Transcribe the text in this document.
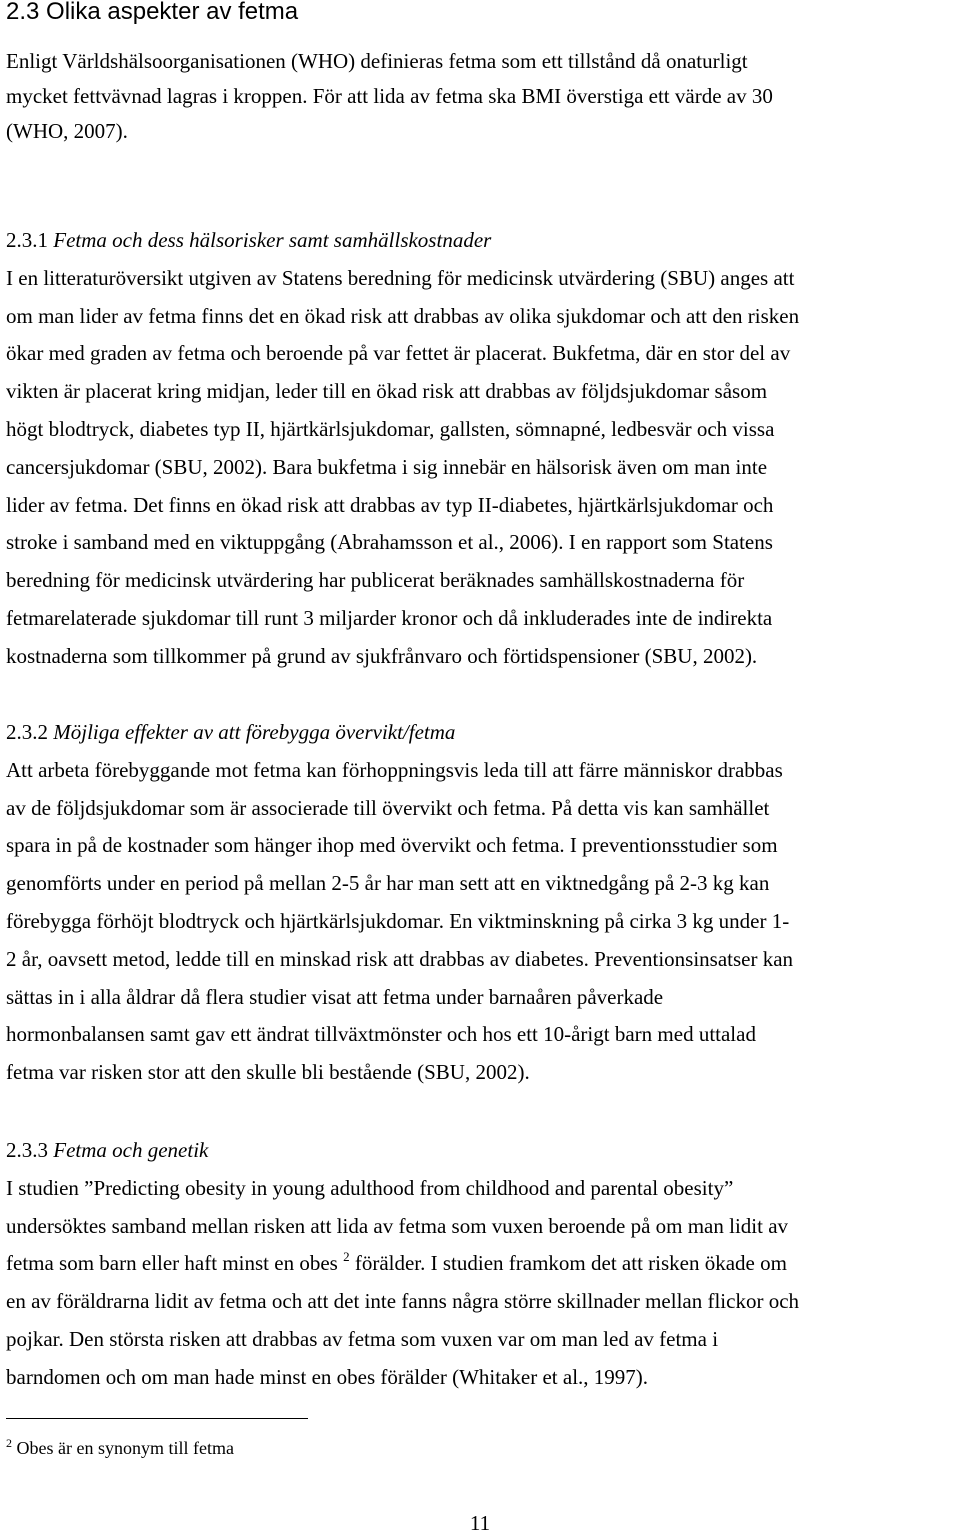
2.3 Olika aspekter av fetma
Enligt Världshälsoorganisationen (WHO) definieras fetma som ett tillstånd då onaturligt
mycket fettvävnad lagras i kroppen. För att lida av fetma ska BMI överstiga ett värde av 30
(WHO, 2007).
2.3.1 Fetma och dess hälsorisker samt samhällskostnader
I en litteraturöversikt utgiven av Statens beredning för medicinsk utvärdering (SBU) anges att
om man lider av fetma finns det en ökad risk att drabbas av olika sjukdomar och att den risken
ökar med graden av fetma och beroende på var fettet är placerat. Bukfetma, där en stor del av
vikten är placerat kring midjan, leder till en ökad risk att drabbas av följdsjukdomar såsom
högt blodtryck, diabetes typ II, hjärtkärlsjukdomar, gallsten, sömnapné, ledbesvär och vissa
cancersjukdomar (SBU, 2002). Bara bukfetma i sig innebär en hälsorisk även om man inte
lider av fetma. Det finns en ökad risk att drabbas av typ II-diabetes, hjärtkärlsjukdomar och
stroke i samband med en viktuppgång (Abrahamsson et al., 2006). I en rapport som Statens
beredning för medicinsk utvärdering har publicerat beräknades samhällskostnaderna för
fetmarelaterade sjukdomar till runt 3 miljarder kronor och då inkluderades inte de indirekta
kostnaderna som tillkommer på grund av sjukfrånvaro och förtidspensioner (SBU, 2002).
2.3.2 Möjliga effekter av att förebygga övervikt/fetma
Att arbeta förebyggande mot fetma kan förhoppningsvis leda till att färre människor drabbas
av de följdsjukdomar som är associerade till övervikt och fetma. På detta vis kan samhället
spara in på de kostnader som hänger ihop med övervikt och fetma. I preventionsstudier som
genomförts under en period på mellan 2-5 år har man sett att en viktnedgång på 2-3 kg kan
förebygga förhöjt blodtryck och hjärtkärlsjukdomar. En viktminskning på cirka 3 kg under 1-
2 år, oavsett metod, ledde till en minskad risk att drabbas av diabetes. Preventionsinsatser kan
sättas in i alla åldrar då flera studier visat att fetma under barnaåren påverkade
hormonbalansen samt gav ett ändrat tillväxtmönster och hos ett 10-årigt barn med uttalad
fetma var risken stor att den skulle bli bestående (SBU, 2002).
2.3.3 Fetma och genetik
I studien ”Predicting obesity in young adulthood from childhood and parental obesity”
undersöktes samband mellan risken att lida av fetma som vuxen beroende på om man lidit av
fetma som barn eller haft minst en obes $^2$ förälder. I studien framkom det att risken ökade om
en av föräldrarna lidit av fetma och att det inte fanns några större skillnader mellan flickor och
pojkar. Den största risken att drabbas av fetma som vuxen var om man led av fetma i
barndomen och om man hade minst en obes förälder (Whitaker et al., 1997).
$^2$ Obes är en synonym till fetma
11
